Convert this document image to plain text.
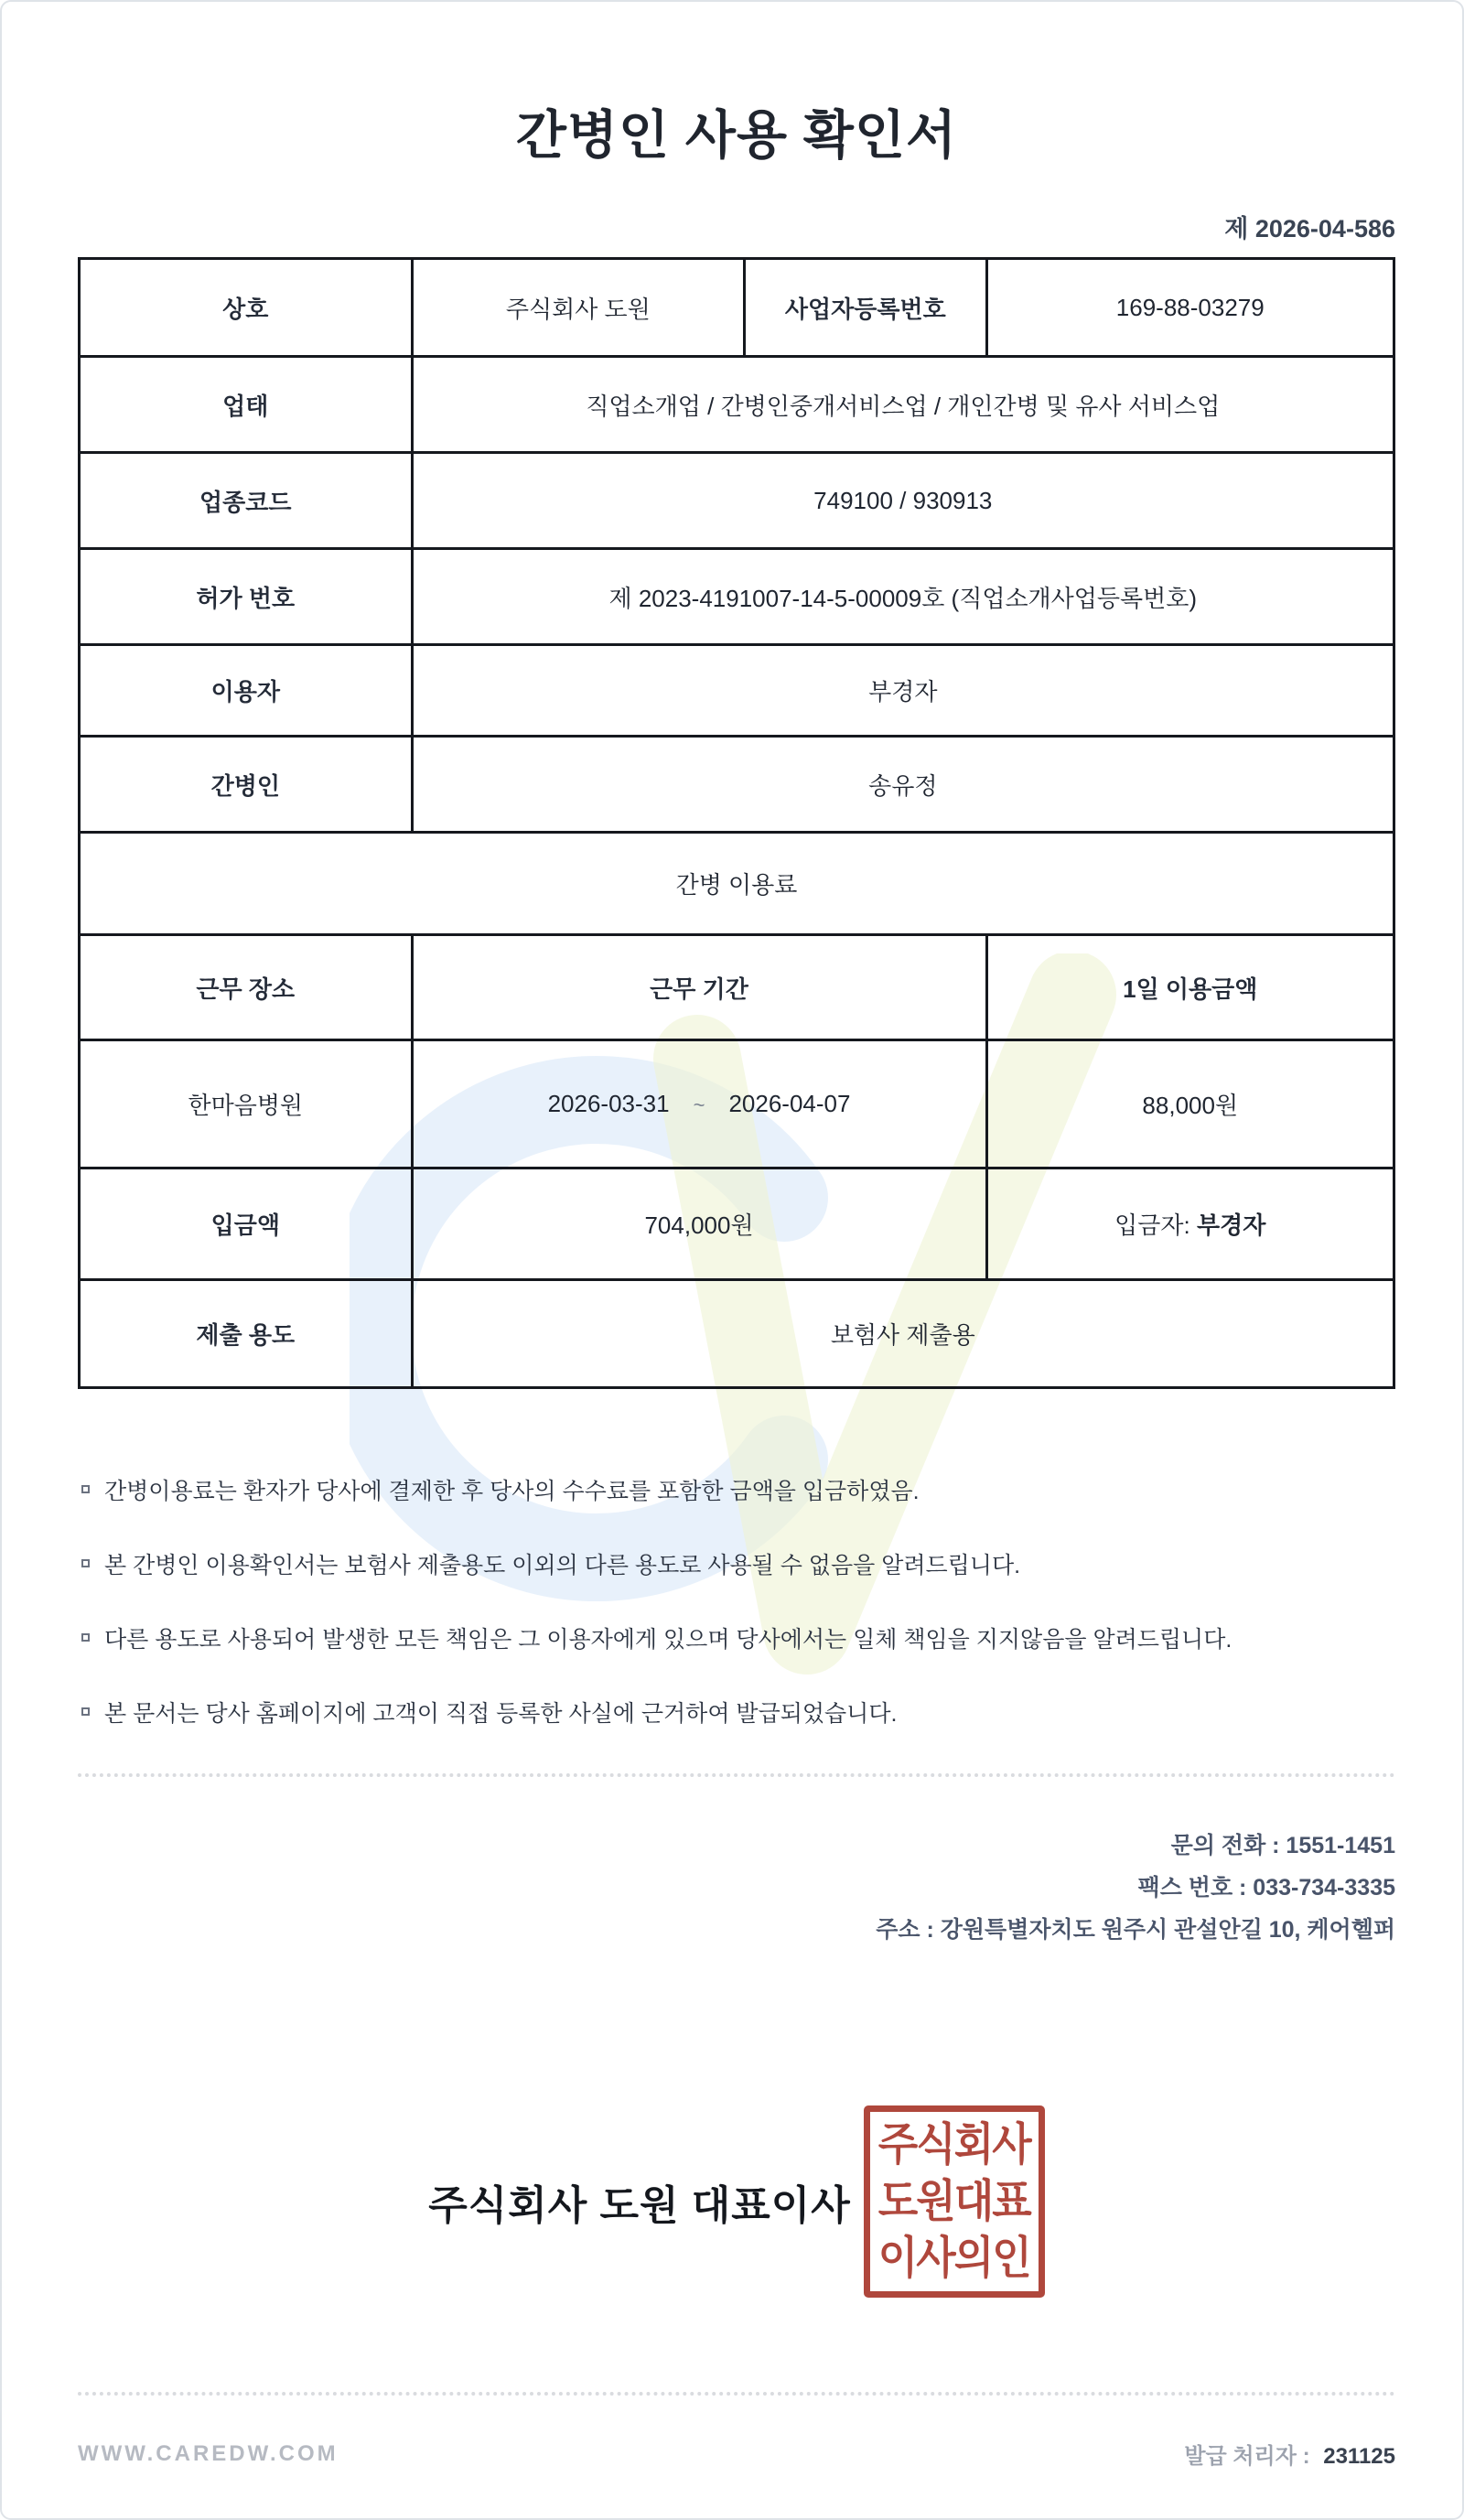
간병인 사용 확인서
제 2026-04-586
상호	주식회사 도원	사업자등록번호	169-88-03279
업태	직업소개업 / 간병인중개서비스업 / 개인간병 및 유사 서비스업		
업종코드	749100 / 930913		
허가 번호	제 2023-4191007-14-5-00009호 (직업소개사업등록번호)		
이용자	부경자		
간병인	송유정		
간병 이용료			
근무 장소	근무 기간		1일 이용금액
한마음병원	2026-03-31 ~ 2026-04-07		88,000원
입금액	704,000원		입금자: 부경자
제출 용도	보험사 제출용		
간병이용료는 환자가 당사에 결제한 후 당사의 수수료를 포함한 금액을 입금하였음.
본 간병인 이용확인서는 보험사 제출용도 이외의 다른 용도로 사용될 수 없음을 알려드립니다.
다른 용도로 사용되어 발생한 모든 책임은 그 이용자에게 있으며 당사에서는 일체 책임을 지지않음을 알려드립니다.
본 문서는 당사 홈페이지에 고객이 직접 등록한 사실에 근거하여 발급되었습니다.
문의 전화 : 1551-1451
팩스 번호 : 033-734-3335
주소 : 강원특별자치도 원주시 관설안길 10, 케어헬퍼
주식회사 도원 대표이사
주식회사
도원대표
이사의인
WWW.CAREDW.COM	발급 처리자 : 231125
